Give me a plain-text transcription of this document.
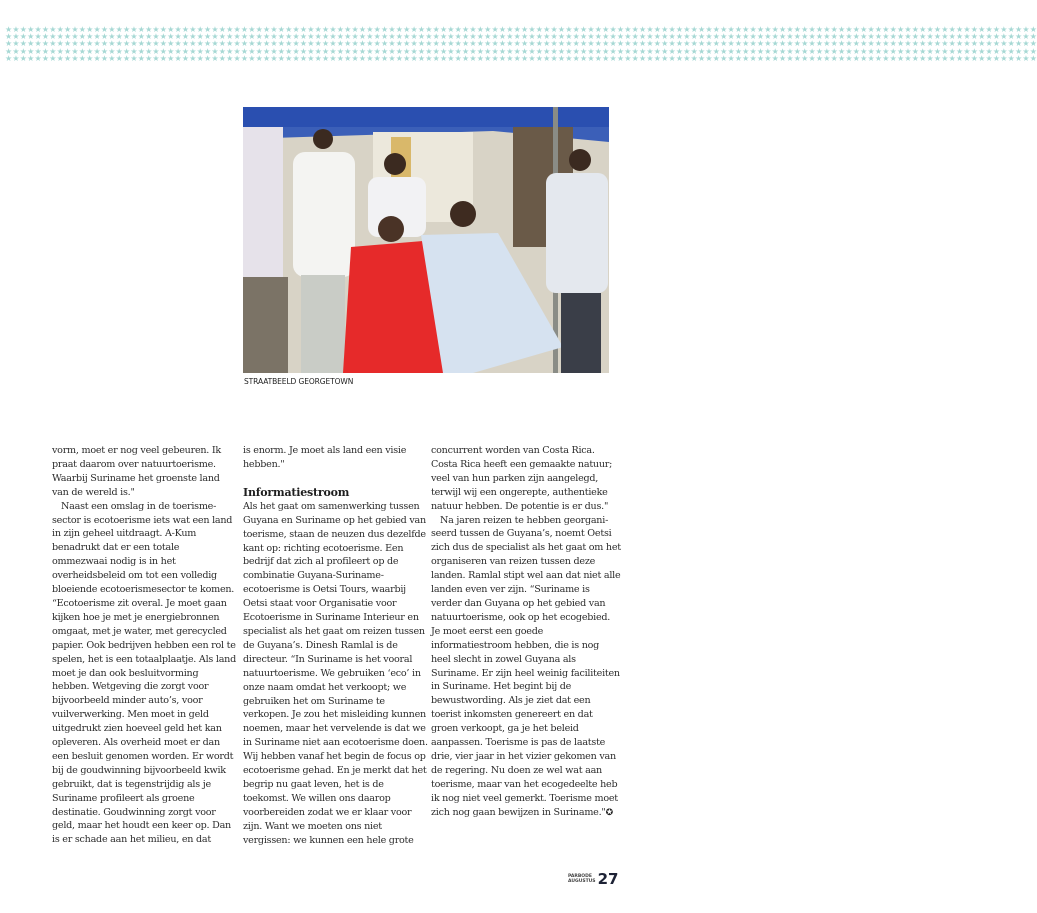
★★★★★★★★★★★★★★★★★★★★★★★★★★★★★★★★★★★★★★★★★★★★★★★★★★★★★★★★★★★★★★★★★★★★★★★★★★★★★★★★★★★★★★★★★★★★★★★★★★★★★★★★★★★★★★★★★★★★★★★★★★★★★★★★★★★★★★★★★★★★
★★★★★★★★★★★★★★★★★★★★★★★★★★★★★★★★★★★★★★★★★★★★★★★★★★★★★★★★★★★★★★★★★★★★★★★★★★★★★★★★★★★★★★★★★★★★★★★★★★★★★★★★★★★★★★★★★★★★★★★★★★★★★★★★★★★★★★★★★★★★
★★★★★★★★★★★★★★★★★★★★★★★★★★★★★★★★★★★★★★★★★★★★★★★★★★★★★★★★★★★★★★★★★★★★★★★★★★★★★★★★★★★★★★★★★★★★★★★★★★★★★★★★★★★★★★★★★★★★★★★★★★★★★★★★★★★★★★★★★★★★
★★★★★★★★★★★★★★★★★★★★★★★★★★★★★★★★★★★★★★★★★★★★★★★★★★★★★★★★★★★★★★★★★★★★★★★★★★★★★★★★★★★★★★★★★★★★★★★★★★★★★★★★★★★★★★★★★★★★★★★★★★★★★★★★★★★★★★★★★★★★
★★★★★★★★★★★★★★★★★★★★★★★★★★★★★★★★★★★★★★★★★★★★★★★★★★★★★★★★★★★★★★★★★★★★★★★★★★★★★★★★★★★★★★★★★★★★★★★★★★★★★★★★★★★★★★★★★★★★★★★★★★★★★★★★★★★★★★★★★★★★
STRAATBEELD GEORGETOWN

vorm, moet er nog veel gebeuren. Ik praat daarom over natuurtoerisme. Waarbij Suriname het groenste land van de wereld is."

Naast een omslag in de toerismesector is ecotoerisme iets wat een land in zijn geheel uitdraagt. A-Kum benadrukt dat er een totale ommezwaai nodig is in het overheidsbeleid om tot een volledig bloeiende ecotoerismesector te komen. “Ecotoerisme zit overal. Je moet gaan kijken hoe je met je energiebronnen omgaat, met je water, met gerecycled papier. Ook bedrijven hebben een rol te spelen, het is een totaalplaatje. Als land moet je dan ook besluitvorming hebben. Wetgeving die zorgt voor bijvoorbeeld minder auto’s, voor vuilverwerking. Men moet in geld uitgedrukt zien hoeveel geld het kan opleveren. Als overheid moet er dan een besluit genomen worden. Er wordt bij de goudwinning bijvoorbeeld kwik gebruikt, dat is tegenstrijdig als je Suriname profileert als groene destinatie. Goudwinning zorgt voor geld, maar het houdt een keer op. Dan is er schade aan het milieu, en dat

is enorm. Je moet als land een visie hebben."

Informatiestroom

Als het gaat om samenwerking tussen Guyana en Suriname op het gebied van toerisme, staan de neuzen dus dezelfde kant op: richting ecotoerisme. Een bedrijf dat zich al profileert op de combinatie Guyana-Suriname-ecotoerisme is Oetsi Tours, waarbij Oetsi staat voor Organisatie voor Ecotoerisme in Suriname Interieur en specialist als het gaat om reizen tussen de Guyana’s. Dinesh Ramlal is de directeur. “In Suriname is het vooral natuurtoerisme. We gebruiken ‘eco’ in onze naam omdat het verkoopt; we gebruiken het om Suriname te verkopen. Je zou het misleiding kunnen noemen, maar het vervelende is dat we in Suriname niet aan ecotoerisme doen. Wij hebben vanaf het begin de focus op ecotoerisme gehad. En je merkt dat het begrip nu gaat leven, het is de toekomst. We willen ons daarop voorbereiden zodat we er klaar voor zijn. Want we moeten ons niet vergissen: we kunnen een hele grote

concurrent worden van Costa Rica. Costa Rica heeft een gemaakte natuur; veel van hun parken zijn aangelegd, terwijl wij een ongerepte, authentieke natuur hebben. De potentie is er dus."

Na jaren reizen te hebben georganiseerd tussen de Guyana’s, noemt Oetsi zich dus de specialist als het gaat om het organiseren van reizen tussen deze landen. Ramlal stipt wel aan dat niet alle landen even ver zijn. “Suriname is verder dan Guyana op het gebied van natuurtoerisme, ook op het ecogebied. Je moet eerst een goede informatiestroom hebben, die is nog heel slecht in zowel Guyana als Suriname. Er zijn heel weinig faciliteiten in Suriname. Het begint bij de bewustwording. Als je ziet dat een toerist inkomsten genereert en dat groen verkoopt, ga je het beleid aanpassen. Toerisme is pas de laatste drie, vier jaar in het vizier gekomen van de regering. Nu doen ze wel wat aan toerisme, maar van het ecogedeelte heb ik nog niet veel gemerkt. Toerisme moet zich nog gaan bewijzen in Suriname."✪

PARBODE
AUGUSTUS 27
